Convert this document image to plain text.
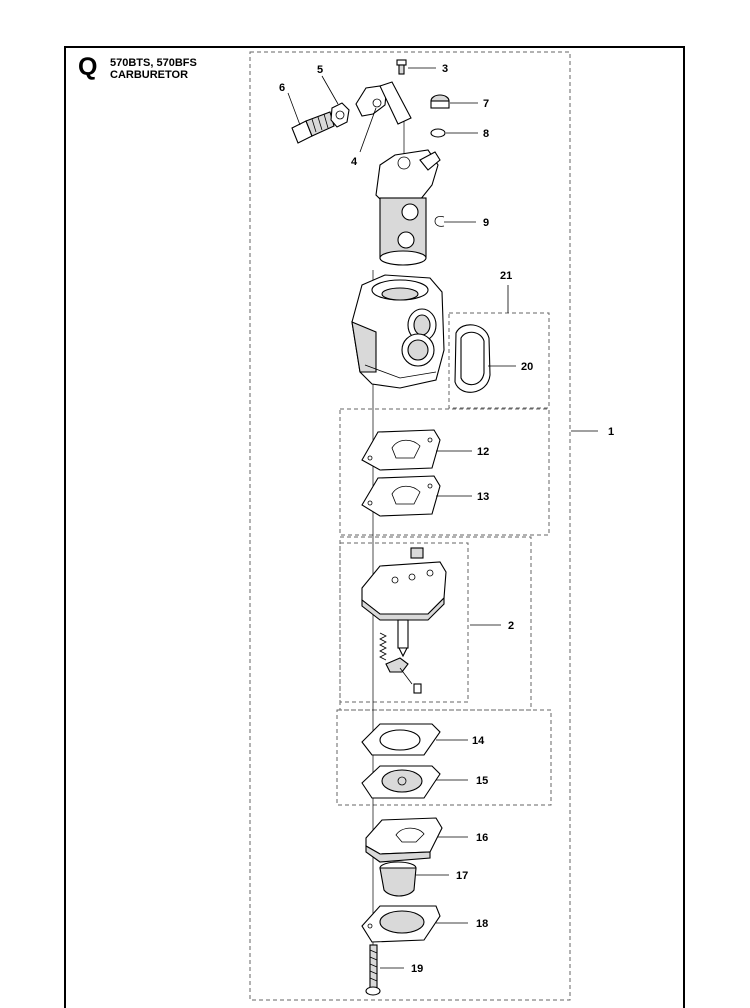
Q 570BTS, 570BFS
CARBURETOR	3
5
6
7
8
4
9
21
20
1
12
13
2
14
15
16
17
18
19
